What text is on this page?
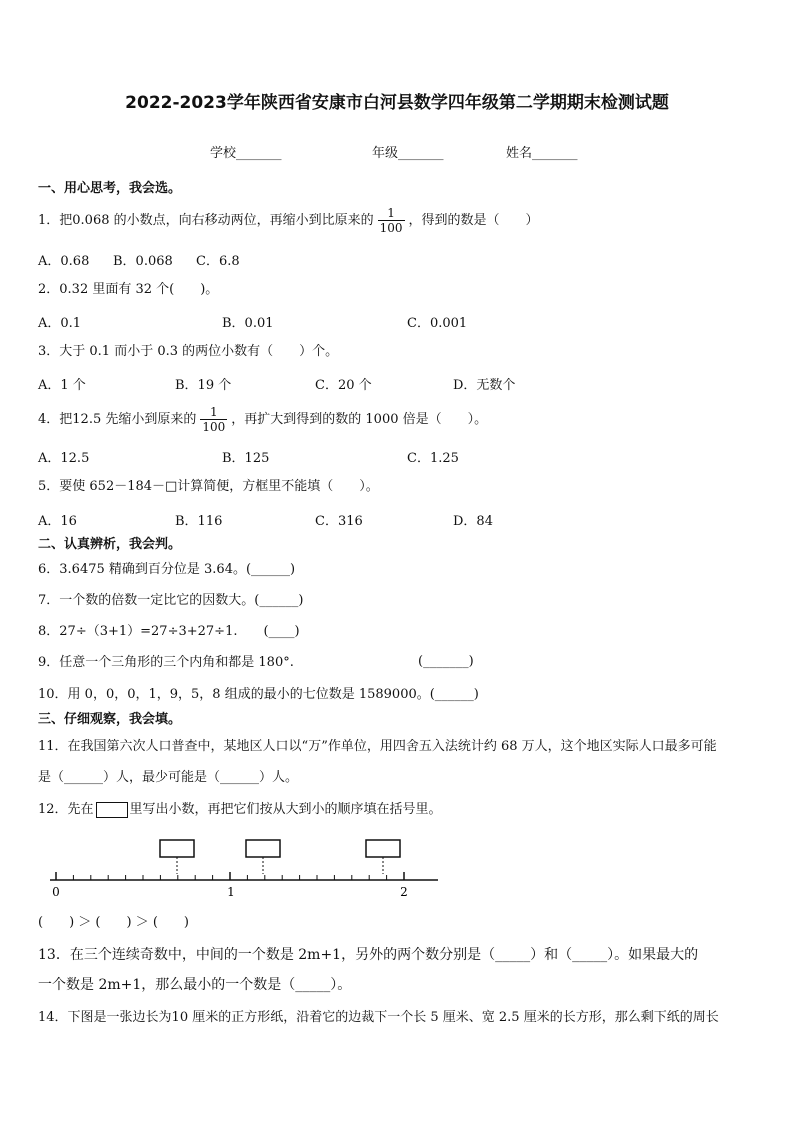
2022-2023学年陕西省安康市白河县数学四年级第二学期期末检测试题
学校_______	年级_______	姓名_______
一、用心思考，我会选。
1．把0.068 的小数点，向右移动两位，再缩小到比原来的 $\frac{1}{100}$ ，得到的数是（　　）
A．0.68 B．0.068 C．6.8
2．0.32 里面有 32 个(　　)。
A．0.1	B．0.01	C．0.001
3．大于 0.1 而小于 0.3 的两位小数有（　　）个。
A．1 个	B．19 个	C．20 个	D．无数个
4．把12.5 先缩小到原来的 $\frac{1}{100}$ ，再扩大到得到的数的 1000 倍是（　　）。
A．12.5	B．125	C．1.25
5．要使 652－184－□计算简便，方框里不能填（　　）。
A．16	B．116	C．316	D．84
二、认真辨析，我会判。
6．3.6475 精确到百分位是 3.64。(______)
7．一个数的倍数一定比它的因数大。(______)
8．27÷（3+1）=27÷3+27÷1.　　(____)
9．任意一个三角形的三个内角和都是 180°.	(_______)
10．用 0，0，0，1，9，5，8 组成的最小的七位数是 1589000。(______)
三、仔细观察，我会填。
11．在我国第六次人口普查中，某地区人口以“万”作单位，用四舍五入法统计约 68 万人，这个地区实际人口最多可能
是（______）人，最少可能是（______）人。
12．先在	里写出小数，再把它们按从大到小的顺序填在括号里。
0	1	2
(　　) ＞ (　　) ＞ (　　)
13．在三个连续奇数中，中间的一个数是 2m+1，另外的两个数分别是（_____）和（_____）。如果最大的
一个数是 2m+1，那么最小的一个数是（_____）。
14．下图是一张边长为10 厘米的正方形纸，沿着它的边裁下一个长 5 厘米、宽 2.5 厘米的长方形，那么剩下纸的周长
